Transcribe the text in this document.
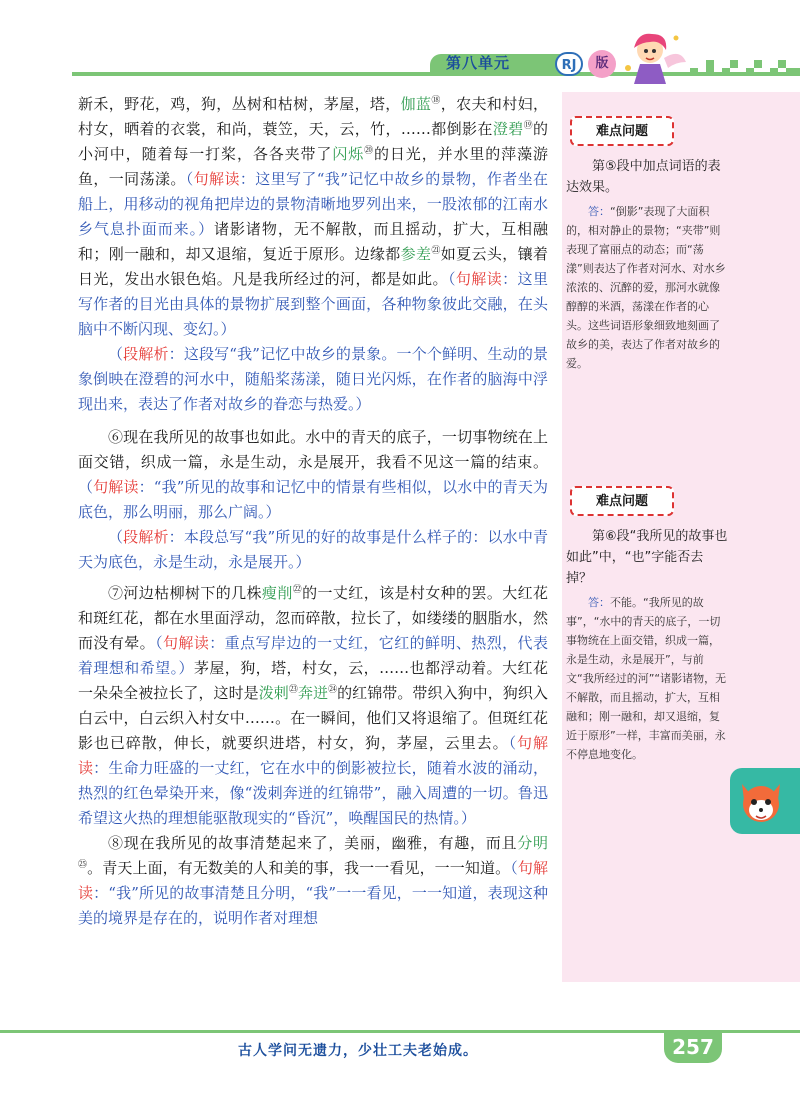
第八单元	RJ	版

新禾，野花，鸡，狗，丛树和枯树，茅屋，塔，伽蓝⑱，农夫和村妇，村女，晒着的衣裳，和尚，蓑笠，天，云，竹，……都倒影在澄碧⑲的小河中，随着每一打桨，各各夹带了闪烁⑳的日光，并水里的萍藻游鱼，一同荡漾。（句解读：这里写了“我”记忆中故乡的景物，作者坐在船上，用移动的视角把岸边的景物清晰地罗列出来，一股浓郁的江南水乡气息扑面而来。）诸影诸物，无不解散，而且摇动，扩大，互相融和；刚一融和，却又退缩，复近于原形。边缘都参差$^㉑$如夏云头，镶着日光，发出水银色焰。凡是我所经过的河，都是如此。（句解读：这里写作者的目光由具体的景物扩展到整个画面，各种物象彼此交融，在头脑中不断闪现、变幻。）

（段解析：这段写“我”记忆中故乡的景象。一个个鲜明、生动的景象倒映在澄碧的河水中，随船桨荡漾，随日光闪烁，在作者的脑海中浮现出来，表达了作者对故乡的眷恋与热爱。）

⑥现在我所见的故事也如此。水中的青天的底子，一切事物统在上面交错，织成一篇，永是生动，永是展开，我看不见这一篇的结束。（句解读：“我”所见的故事和记忆中的情景有些相似，以水中的青天为底色，那么明丽，那么广阔。）

（段解析：本段总写“我”所见的好的故事是什么样子的：以水中青天为底色，永是生动，永是展开。）

⑦河边枯柳树下的几株瘦削$^㉒$的一丈红，该是村女种的罢。大红花和斑红花，都在水里面浮动，忽而碎散，拉长了，如缕缕的胭脂水，然而没有晕。（句解读：重点写岸边的一丈红，它红的鲜明、热烈，代表着理想和希望。）茅屋，狗，塔，村女，云，……也都浮动着。大红花一朵朵全被拉长了，这时是泼剌$^㉓$奔迸$^㉔$的红锦带。带织入狗中，狗织入白云中，白云织入村女中……。在一瞬间，他们又将退缩了。但斑红花影也已碎散，伸长，就要织进塔，村女，狗，茅屋，云里去。（句解读：生命力旺盛的一丈红，它在水中的倒影被拉长，随着水波的涌动，热烈的红色晕染开来，像“泼刺奔迸的红锦带”，融入周遭的一切。鲁迅希望这火热的理想能驱散现实的“昏沉”，唤醒国民的热情。）

⑧现在我所见的故事清楚起来了，美丽，幽雅，有趣，而且分明$^㉕$。青天上面，有无数美的人和美的事，我一一看见，一一知道。（句解读：“我”所见的故事清楚且分明，“我”一一看见，一一知道，表现这种美的境界是存在的，说明作者对理想

难点问题
第⑤段中加点词语的表达效果。
答：“倒影”表现了大面积的，相对静止的景物；“夹带”则表现了富丽点的动态；而“荡漾”则表达了作者对河水、对水乡浓浓的、沉醉的爱，那河水就像醇醇的米酒，荡漾在作者的心头。这些词语形象细致地刻画了故乡的美，表达了作者对故乡的爱。
难点问题
第⑥段“我所见的故事也如此”中，“也”字能否去掉？
答：不能。“我所见的故事”，“水中的青天的底子，一切事物统在上面交错，织成一篇，永是生动，永是展开”，与前文“我所经过的河”“诸影诸物，无不解散，而且摇动，扩大，互相融和；刚一融和，却又退缩，复近于原形”一样，丰富而美丽，永不停息地变化。
古人学问无遗力，少壮工夫老始成。	257
